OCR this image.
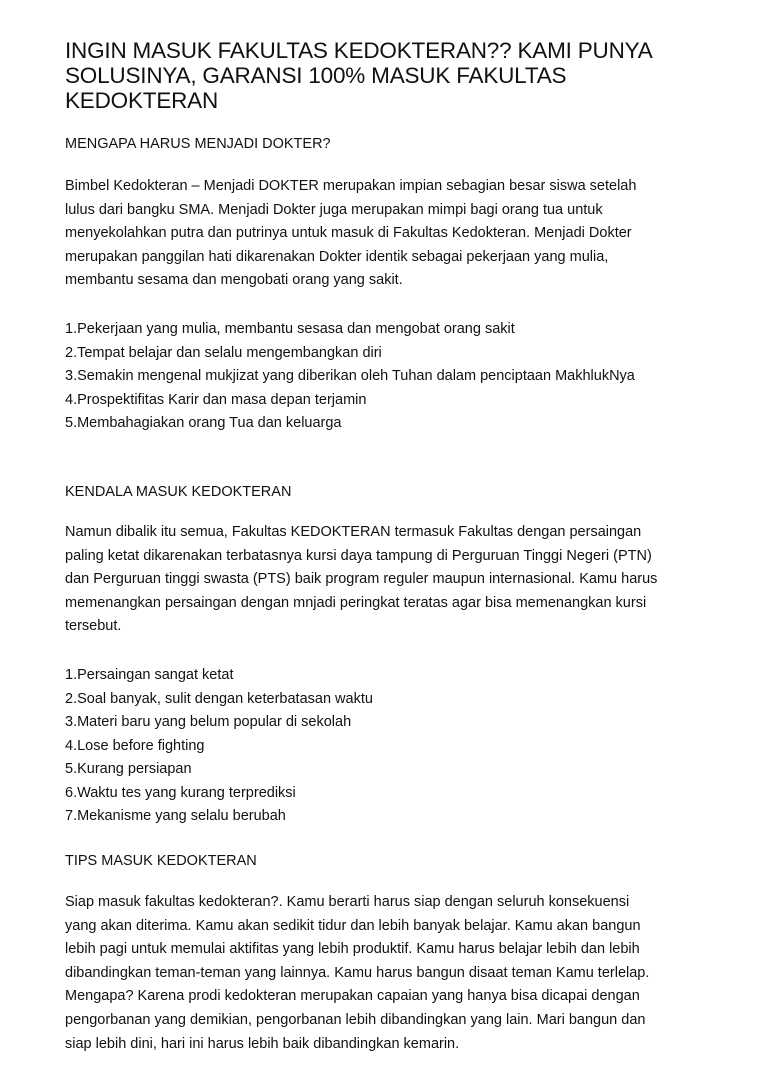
INGIN MASUK FAKULTAS KEDOKTERAN?? KAMI PUNYA
SOLUSINYA, GARANSI 100% MASUK FAKULTAS
KEDOKTERAN
MENGAPA HARUS MENJADI DOKTER?
Bimbel Kedokteran – Menjadi DOKTER merupakan impian sebagian besar siswa setelah
lulus dari bangku SMA. Menjadi Dokter juga merupakan mimpi bagi orang tua untuk
menyekolahkan putra dan putrinya untuk masuk di Fakultas Kedokteran. Menjadi Dokter
merupakan panggilan hati dikarenakan Dokter identik sebagai pekerjaan yang mulia,
membantu sesama dan mengobati orang yang sakit.
1.Pekerjaan yang mulia, membantu sesasa dan mengobat orang sakit
2.Tempat belajar dan selalu mengembangkan diri
3.Semakin mengenal mukjizat yang diberikan oleh Tuhan dalam penciptaan MakhlukNya
4.Prospektifitas Karir dan masa depan terjamin
5.Membahagiakan orang Tua dan keluarga
KENDALA MASUK KEDOKTERAN
Namun dibalik itu semua, Fakultas KEDOKTERAN termasuk Fakultas dengan persaingan
paling ketat dikarenakan terbatasnya kursi daya tampung di Perguruan Tinggi Negeri (PTN)
dan Perguruan tinggi swasta (PTS) baik program reguler maupun internasional. Kamu harus
memenangkan persaingan dengan mnjadi peringkat teratas agar bisa memenangkan kursi
tersebut.
1.Persaingan sangat ketat
2.Soal banyak, sulit dengan keterbatasan waktu
3.Materi baru yang belum popular di sekolah
4.Lose before fighting
5.Kurang persiapan
6.Waktu tes yang kurang terprediksi
7.Mekanisme yang selalu berubah
TIPS MASUK KEDOKTERAN
Siap masuk fakultas kedokteran?. Kamu berarti harus siap dengan seluruh konsekuensi
yang akan diterima. Kamu akan sedikit tidur dan lebih banyak belajar. Kamu akan bangun
lebih pagi untuk memulai aktifitas yang lebih produktif. Kamu harus belajar lebih dan lebih
dibandingkan teman-teman yang lainnya. Kamu harus bangun disaat teman Kamu terlelap.
Mengapa? Karena prodi kedokteran merupakan capaian yang hanya bisa dicapai dengan
pengorbanan yang demikian, pengorbanan lebih dibandingkan yang lain. Mari bangun dan
siap lebih dini, hari ini harus lebih baik dibandingkan kemarin.
